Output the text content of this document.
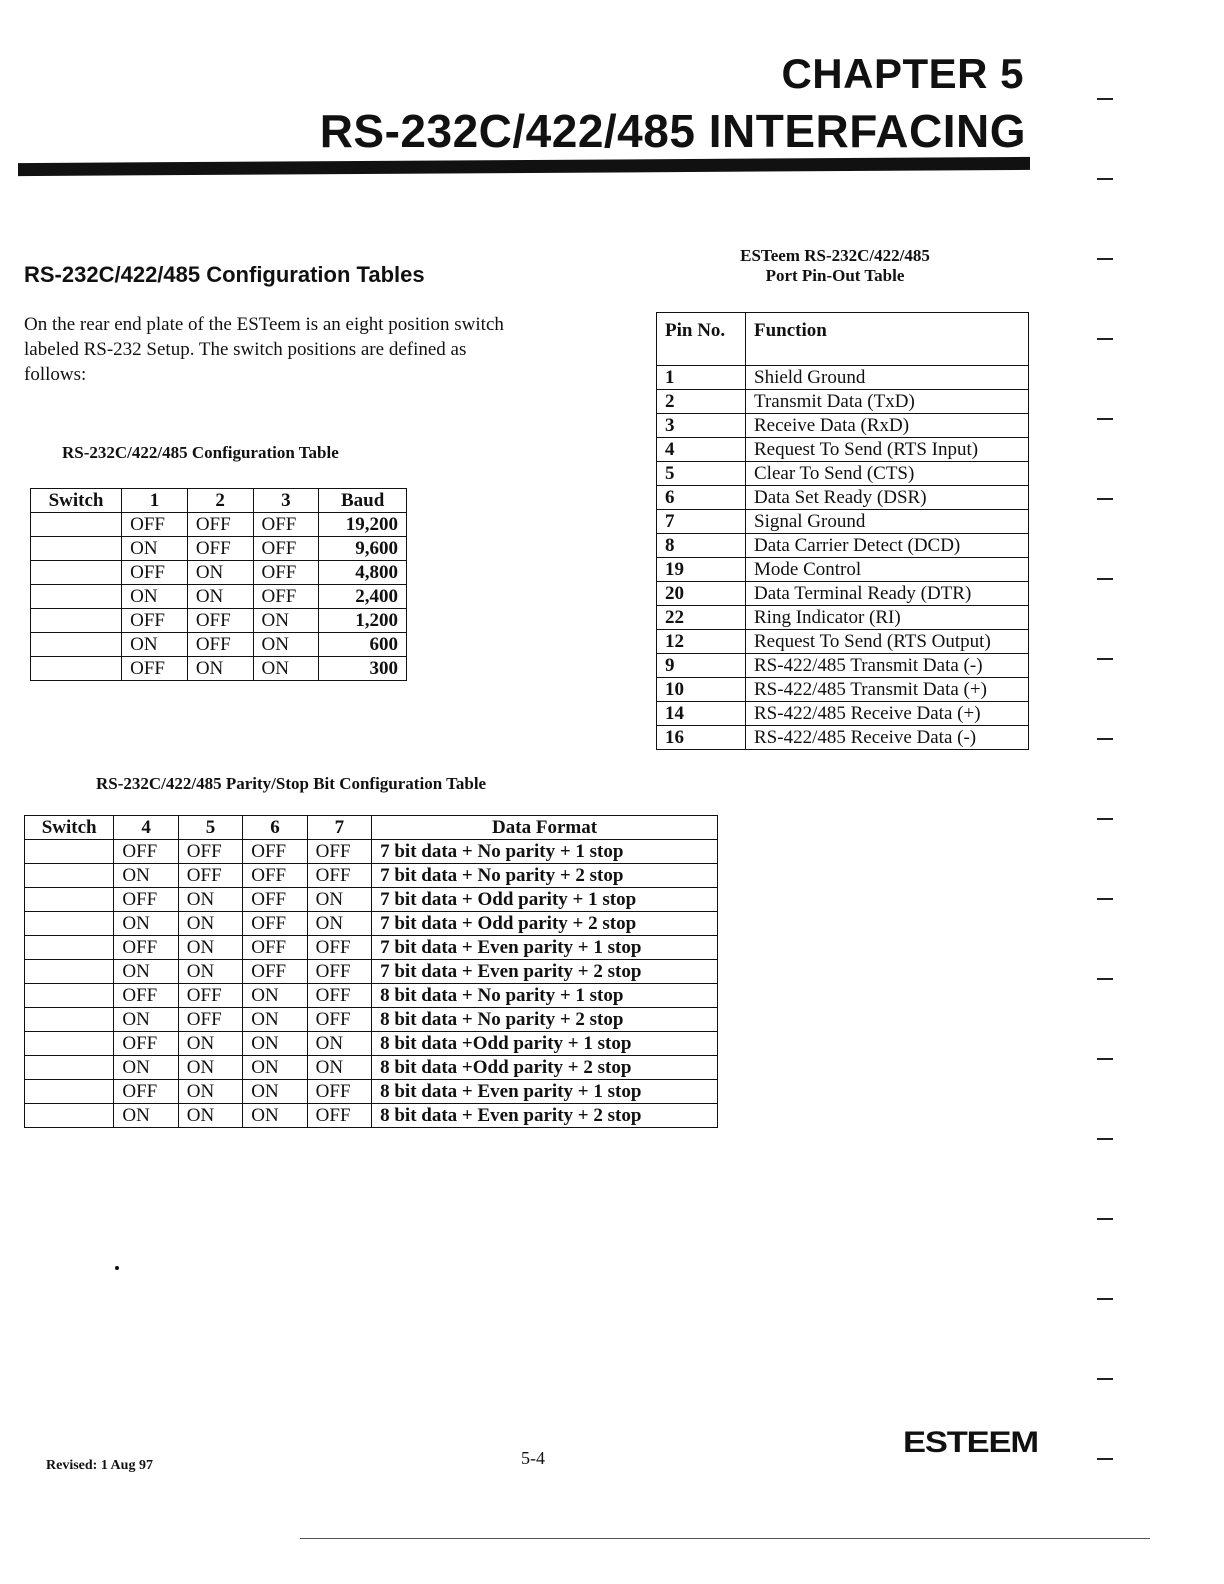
CHAPTER 5
RS-232C/422/485 INTERFACING
RS-232C/422/485 Configuration Tables
On the rear end plate of the ESTeem is an eight position switch labeled RS-232 Setup. The switch positions are defined as follows:
RS-232C/422/485 Configuration Table
Switch	1	2	3	Baud
	OFF	OFF	OFF	19,200
	ON	OFF	OFF	9,600
	OFF	ON	OFF	4,800
	ON	ON	OFF	2,400
	OFF	OFF	ON	1,200
	ON	OFF	ON	600
	OFF	ON	ON	300
ESTeem RS-232C/422/485
Port Pin-Out Table
Pin No.	Function
1	Shield Ground
2	Transmit Data (TxD)
3	Receive Data (RxD)
4	Request To Send (RTS Input)
5	Clear To Send (CTS)
6	Data Set Ready (DSR)
7	Signal Ground
8	Data Carrier Detect (DCD)
19	Mode Control
20	Data Terminal Ready (DTR)
22	Ring Indicator (RI)
12	Request To Send (RTS Output)
9	RS-422/485 Transmit Data (-)
10	RS-422/485 Transmit Data (+)
14	RS-422/485 Receive Data (+)
16	RS-422/485 Receive Data (-)
RS-232C/422/485 Parity/Stop Bit Configuration Table
Switch	4	5	6	7	Data Format
	OFF	OFF	OFF	OFF	7 bit data + No parity + 1 stop
	ON	OFF	OFF	OFF	7 bit data + No parity + 2 stop
	OFF	ON	OFF	ON	7 bit data + Odd parity + 1 stop
	ON	ON	OFF	ON	7 bit data + Odd parity + 2 stop
	OFF	ON	OFF	OFF	7 bit data + Even parity + 1 stop
	ON	ON	OFF	OFF	7 bit data + Even parity + 2 stop
	OFF	OFF	ON	OFF	8 bit data + No parity + 1 stop
	ON	OFF	ON	OFF	8 bit data + No parity + 2 stop
	OFF	ON	ON	ON	8 bit data +Odd parity + 1 stop
	ON	ON	ON	ON	8 bit data +Odd parity + 2 stop
	OFF	ON	ON	OFF	8 bit data + Even parity + 1 stop
	ON	ON	ON	OFF	8 bit data + Even parity + 2 stop
Revised: 1 Aug 97	5-4	ESTEEM
